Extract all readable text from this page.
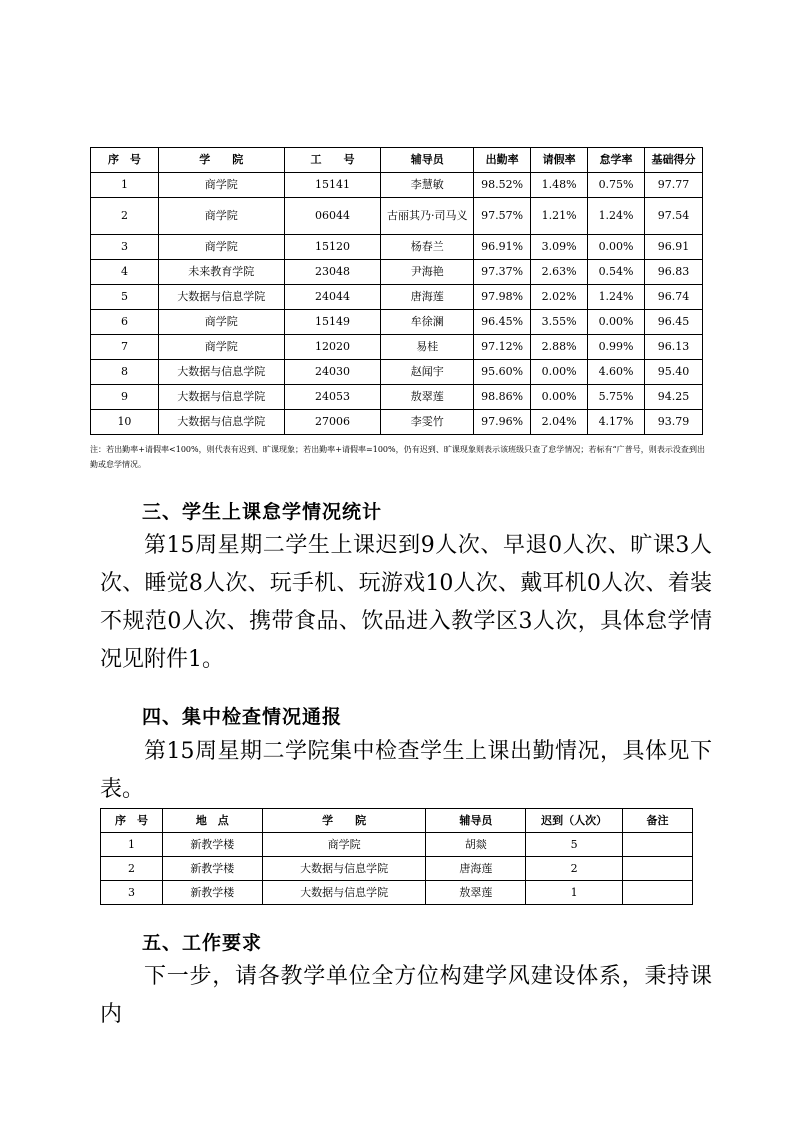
序　号	学　　院	工　　号	辅导员	出勤率	请假率	怠学率	基础得分
1	商学院	15141	李慧敏	98.52%	1.48%	0.75%	97.77
2	商学院	06044	古丽其乃·司马义	97.57%	1.21%	1.24%	97.54
3	商学院	15120	杨春兰	96.91%	3.09%	0.00%	96.91
4	未来教育学院	23048	尹海艳	97.37%	2.63%	0.54%	96.83
5	大数据与信息学院	24044	唐海莲	97.98%	2.02%	1.24%	96.74
6	商学院	15149	牟徐澜	96.45%	3.55%	0.00%	96.45
7	商学院	12020	易桂	97.12%	2.88%	0.99%	96.13
8	大数据与信息学院	24030	赵闻宇	95.60%	0.00%	4.60%	95.40
9	大数据与信息学院	24053	敖翠莲	98.86%	0.00%	5.75%	94.25
10	大数据与信息学院	27006	李雯竹	97.96%	2.04%	4.17%	93.79
注：若出勤率+请假率<100%，则代表有迟到、旷课现象；若出勤率+请假率=100%，仍有迟到、旷课现象则表示该班级只查了怠学情况；若标有“广普号，则表示没查到出勤或怠学情况。
三、学生上课怠学情况统计

第15周星期二学生上课迟到9人次、早退0人次、旷课3人次、睡觉8人次、玩手机、玩游戏10人次、戴耳机0人次、着装不规范0人次、携带食品、饮品进入教学区3人次，具体怠学情况见附件1。

四、集中检查情况通报

第15周星期二学院集中检查学生上课出勤情况，具体见下表。

序　号	地　点	学　　院	辅导员	迟到（人次）	备注
1	新教学楼	商学院	胡燚	5	
2	新教学楼	大数据与信息学院	唐海莲	2	
3	新教学楼	大数据与信息学院	敖翠莲	1	
五、工作要求

下一步，请各教学单位全方位构建学风建设体系，秉持课内
